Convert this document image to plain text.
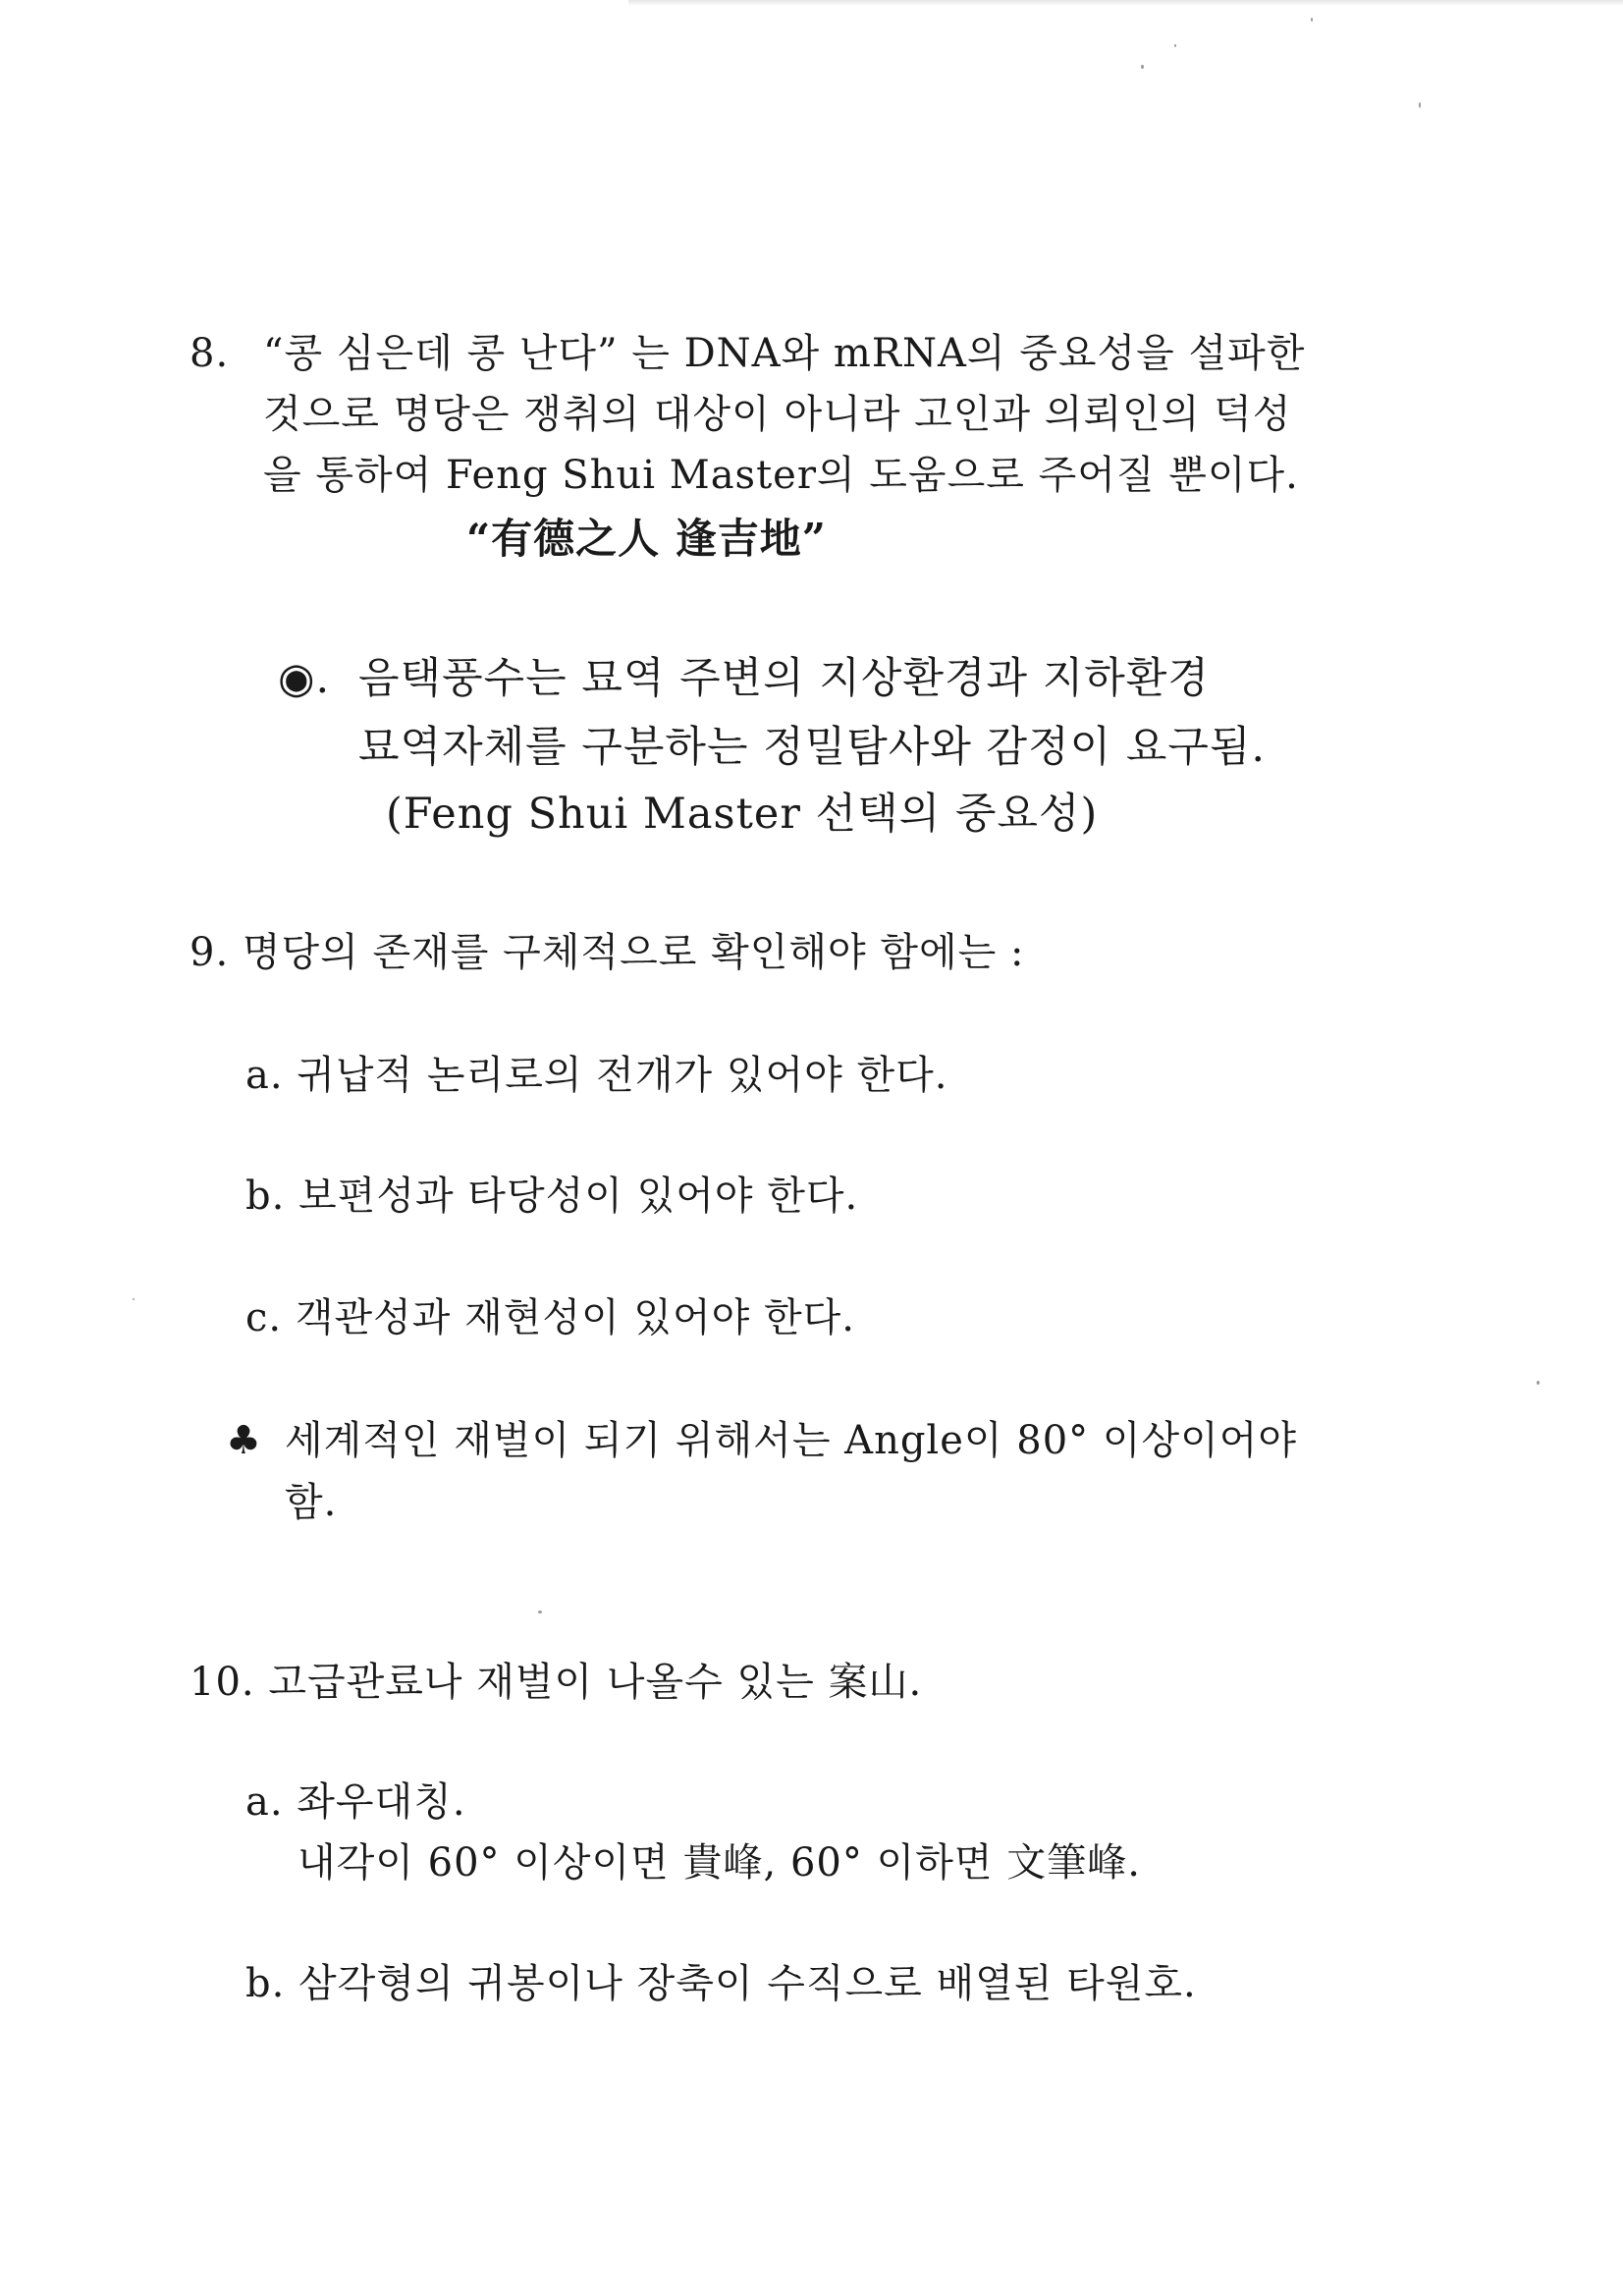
8. “콩 심은데 콩 난다” 는 DNA와 mRNA의 중요성을 설파한
것으로 명당은 쟁취의 대상이 아니라 고인과 의뢰인의 덕성
을 통하여 Feng Shui Master의 도움으로 주어질 뿐이다.
“有德之人 逢吉地”
◉. 음택풍수는 묘역 주변의 지상환경과 지하환경
묘역자체를 구분하는 정밀탐사와 감정이 요구됨.
(Feng Shui Master 선택의 중요성)
9. 명당의 존재를 구체적으로 확인해야 함에는 :
a. 귀납적 논리로의 전개가 있어야 한다.
b. 보편성과 타당성이 있어야 한다.
c. 객관성과 재현성이 있어야 한다.
♣ 세계적인 재벌이 되기 위해서는 Angle이 80° 이상이어야
함.
10. 고급관료나 재벌이 나올수 있는 案山.
a. 좌우대칭.
내각이 60° 이상이면 貴峰, 60° 이하면 文筆峰.
b. 삼각형의 귀봉이나 장축이 수직으로 배열된 타원호.
